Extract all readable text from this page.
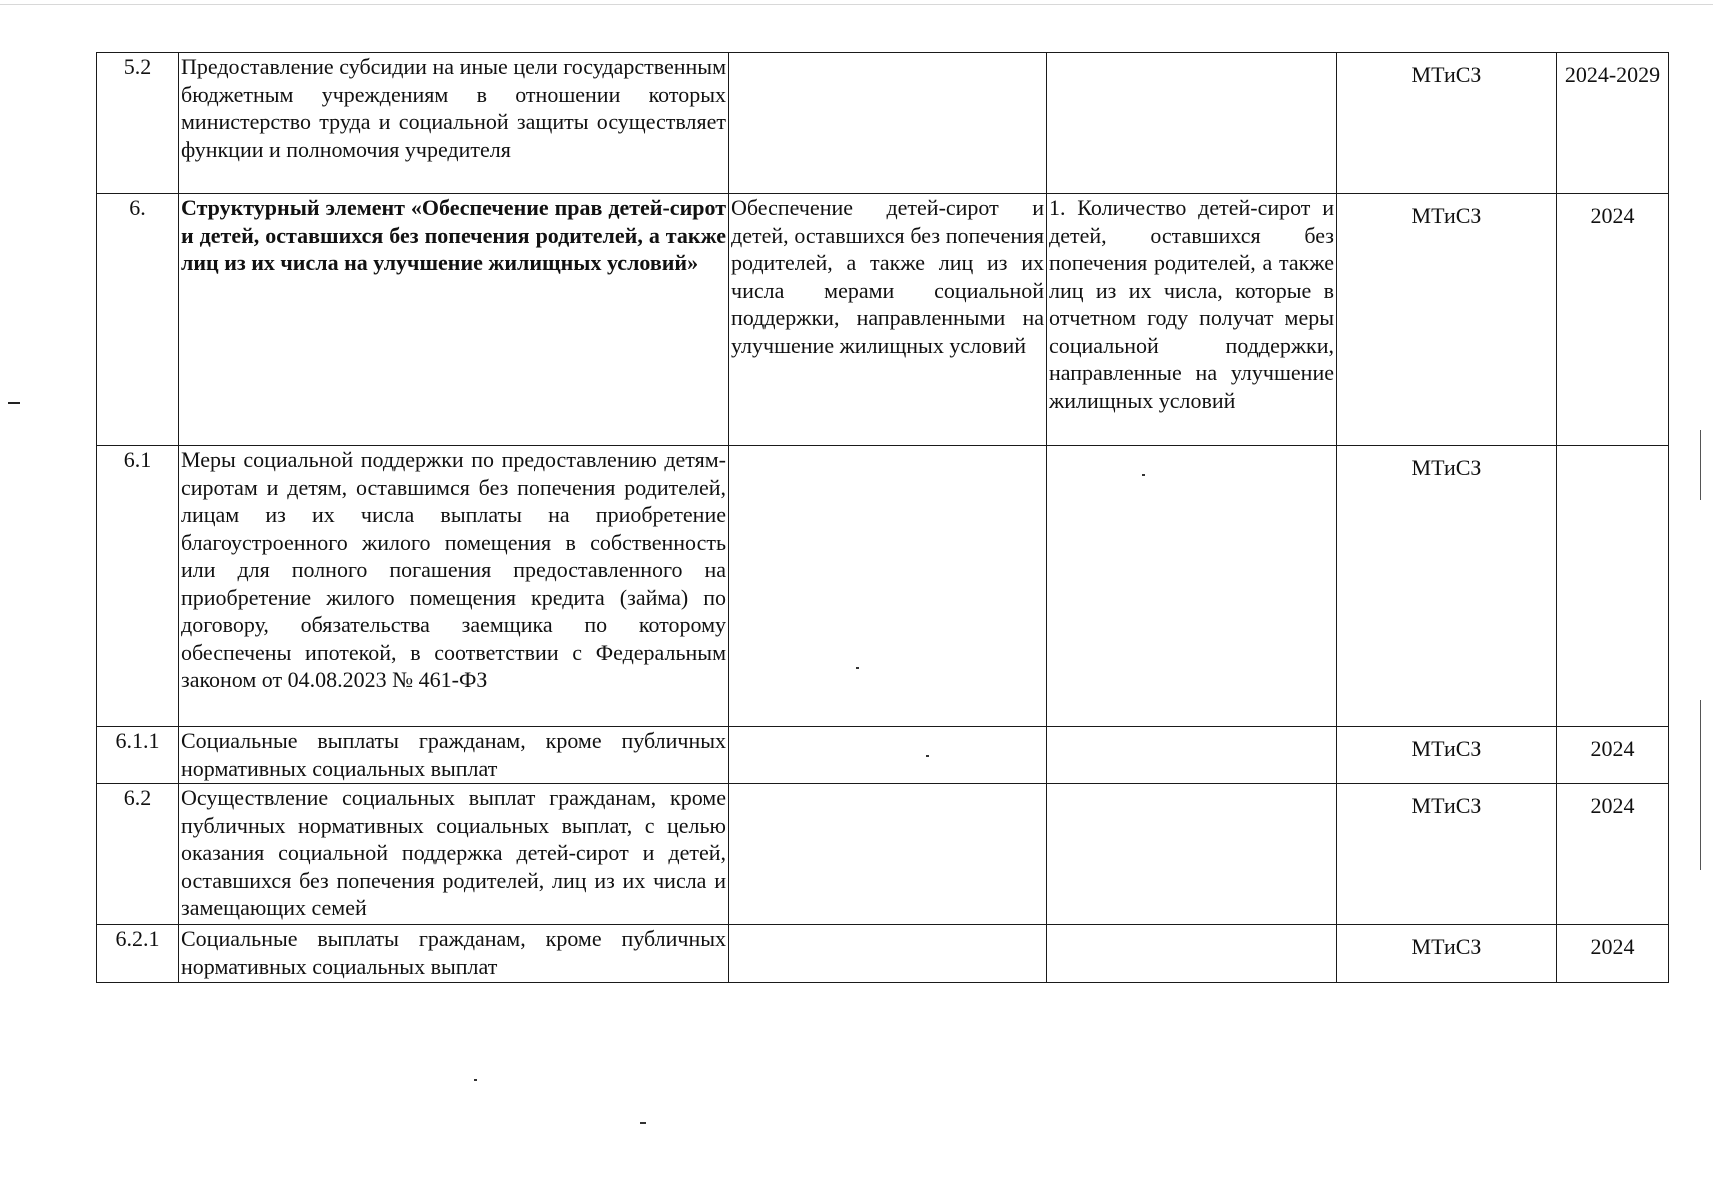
5.2	Предоставление субсидии на иные цели государственным бюджетным учреждениям в отношении которых министерство труда и социальной защиты осуществляет функции и полномочия учредителя			МТиСЗ	2024-2029
6.	Структурный элемент «Обеспечение прав детей-сирот и детей, оставшихся без попечения родителей, а также лиц из их числа на улучшение жилищных условий»	Обеспечение детей-сирот и детей, оставшихся без попечения родителей, а также лиц из их числа мерами социальной поддержки, направленными на улучшение жилищных условий	1. Количество детей-сирот и детей, оставшихся без попечения родителей, а также лиц из их числа, которые в отчетном году получат меры социальной поддержки, направленные на улучшение жилищных условий	МТиСЗ	2024
6.1	Меры социальной поддержки по предоставлению детям-сиротам и детям, оставшимся без попечения родителей, лицам из их числа выплаты на приобретение благоустроенного жилого помещения в собственность или для полного погашения предоставленного на приобретение жилого помещения кредита (займа) по договору, обязательства заемщика по которому обеспечены ипотекой, в соответствии с Федеральным законом от 04.08.2023 № 461-ФЗ			МТиСЗ	
6.1.1	Социальные выплаты гражданам, кроме публичных нормативных социальных выплат			МТиСЗ	2024
6.2	Осуществление социальных выплат гражданам, кроме публичных нормативных социальных выплат, с целью оказания социальной поддержка детей-сирот и детей, оставшихся без попечения родителей, лиц из их числа и замещающих семей			МТиСЗ	2024
6.2.1	Социальные выплаты гражданам, кроме публичных нормативных социальных выплат			МТиСЗ	2024
